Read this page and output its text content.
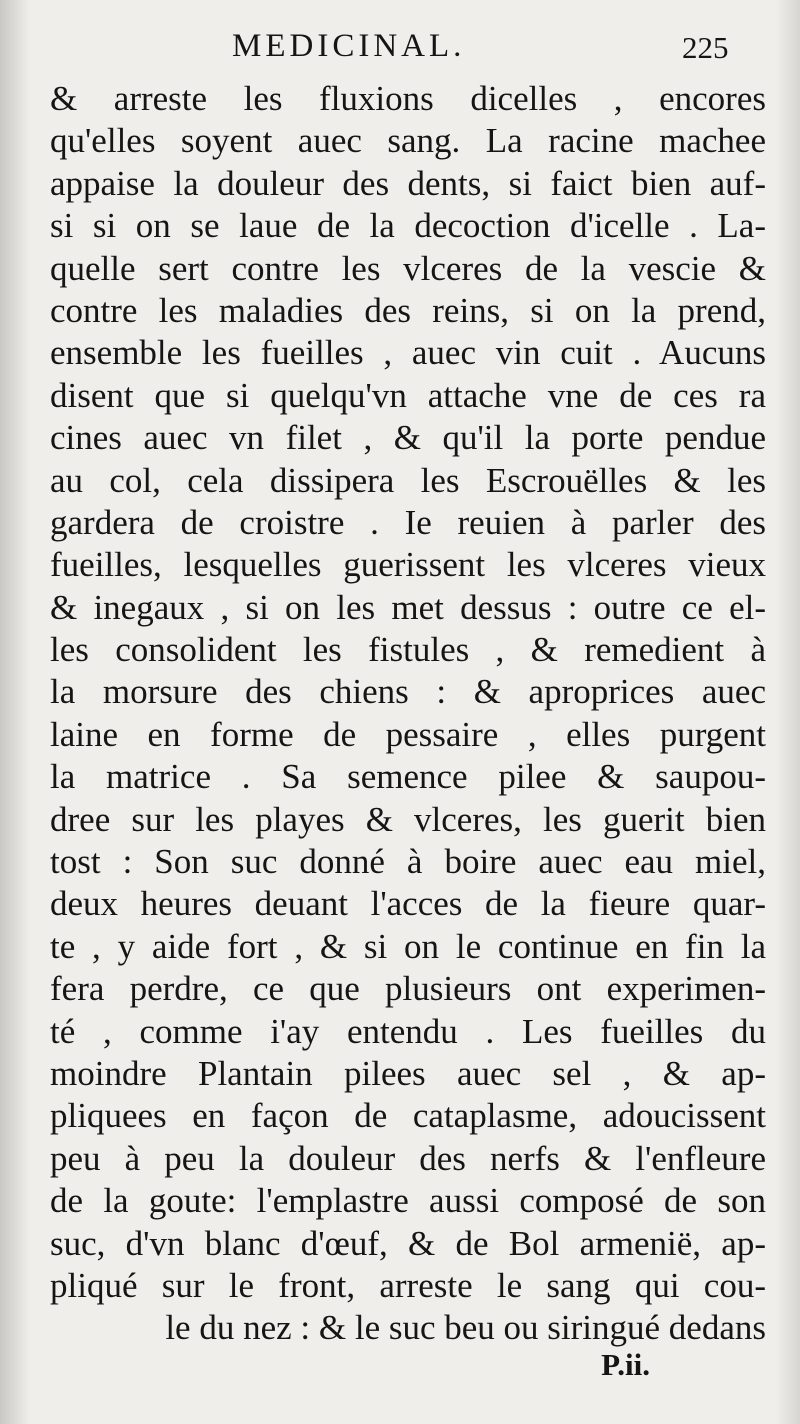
MEDICINAL.	225
& arreste les fluxions dicelles , encores
qu'elles soyent auec sang. La racine machee
appaise la douleur des dents, si faict bien auf-
si si on se laue de la decoction d'icelle . La-
quelle sert contre les vlceres de la vescie &
contre les maladies des reins, si on la prend,
ensemble les fueilles , auec vin cuit . Aucuns
disent que si quelqu'vn attache vne de ces ra
cines auec vn filet , & qu'il la porte pendue
au col, cela dissipera les Escrouëlles & les
gardera de croistre . Ie reuien à parler des
fueilles, lesquelles guerissent les vlceres vieux
& inegaux , si on les met dessus : outre ce el-
les consolident les fistules , & remedient à
la morsure des chiens : & aproprices auec
laine en forme de pessaire , elles purgent
la matrice . Sa semence pilee & saupou-
dree sur les playes & vlceres, les guerit bien
tost : Son suc donné à boire auec eau miel,
deux heures deuant l'acces de la fieure quar-
te , y aide fort , & si on le continue en fin la
fera perdre, ce que plusieurs ont experimen-
té , comme i'ay entendu . Les fueilles du
moindre Plantain pilees auec sel , & ap-
pliquees en façon de cataplasme, adoucissent
peu à peu la douleur des nerfs & l'enfleure
de la goute: l'emplastre aussi composé de son
suc, d'vn blanc d'œuf, & de Bol armenië, ap-
pliqué sur le front, arreste le sang qui cou-
le du nez : & le suc beu ou siringué dedans
P.ii.
